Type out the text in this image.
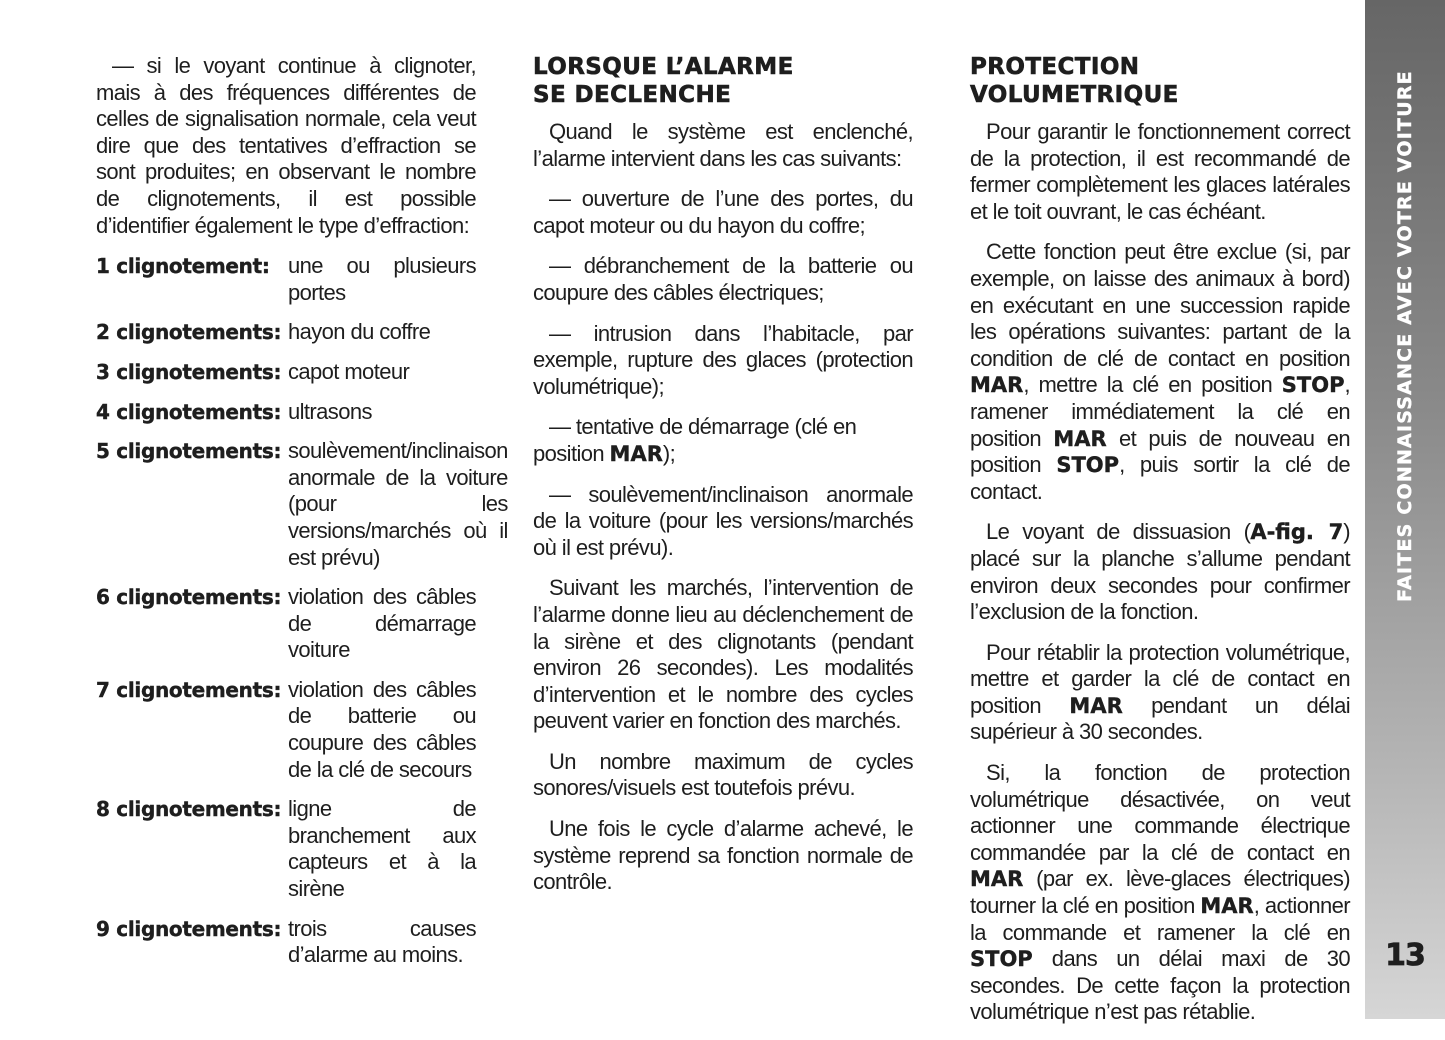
— si le voyant continue à clignoter, mais à des fréquences différentes de celles de signalisation normale, cela veut dire que des tentatives d’effraction se sont produites; en observant le nombre de clignotements, il est possible d’identifier également le type d’effraction:

1 clignotement: une ou plusieurs portes
2 clignotements: hayon du coffre
3 clignotements: capot moteur
4 clignotements: ultrasons
5 clignotements: soulèvement/inclinaison anormale de la voiture (pour les versions/marchés où il est prévu)
6 clignotements: violation des câbles de démarrage voiture
7 clignotements: violation des câbles de batterie ou coupure des câbles de la clé de secours
8 clignotements: ligne de branchement aux capteurs et à la sirène
9 clignotements: trois causes d’alarme au moins.
LORSQUE L’ALARME
SE DECLENCHE

Quand le système est enclenché, l’alarme intervient dans les cas suivants:

— ouverture de l’une des portes, du capot moteur ou du hayon du coffre;

— débranchement de la batterie ou coupure des câbles électriques;

— intrusion dans l’habitacle, par exemple, rupture des glaces (protection volumétrique);

— tentative de démarrage (clé en position MAR);

— soulèvement/inclinaison anormale de la voiture (pour les versions/marchés où il est prévu).

Suivant les marchés, l’intervention de l’alarme donne lieu au déclenchement de la sirène et des clignotants (pendant environ 26 secondes). Les modalités d’intervention et le nombre des cycles peuvent varier en fonction des marchés.

Un nombre maximum de cycles sonores/visuels est toutefois prévu.

Une fois le cycle d’alarme achevé, le système reprend sa fonction normale de contrôle.

PROTECTION VOLUMETRIQUE

Pour garantir le fonctionnement correct de la protection, il est recommandé de fermer complètement les glaces latérales et le toit ouvrant, le cas échéant.

Cette fonction peut être exclue (si, par exemple, on laisse des animaux à bord) en exécutant en une succession rapide les opérations suivantes: partant de la condition de clé de contact en position MAR, mettre la clé en position STOP, ramener immédiatement la clé en position MAR et puis de nouveau en position STOP, puis sortir la clé de contact.

Le voyant de dissuasion (A-fig. 7) placé sur la planche s’allume pendant environ deux secondes pour confirmer l’exclusion de la fonction.

Pour rétablir la protection volumétrique, mettre et garder la clé de contact en position MAR pendant un délai supérieur à 30 secondes.

Si, la fonction de protection volumétrique désactivée, on veut actionner une commande électrique commandée par la clé de contact en MAR (par ex. lève-glaces électriques) tourner la clé en position MAR, actionner la commande et ramener la clé en STOP dans un délai maxi de 30 secondes. De cette façon la protection volumétrique n’est pas rétablie.

FAITES CONNAISSANCE AVEC VOTRE VOITURE
13
